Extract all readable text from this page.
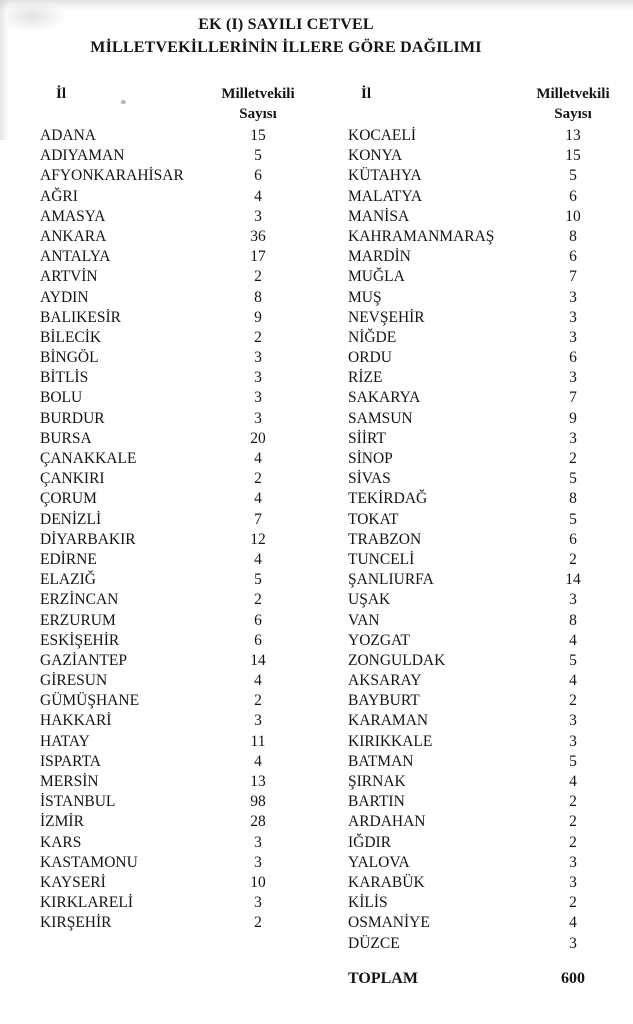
EK (I) SAYILI CETVEL
MİLLETVEKİLLERİNİN İLLERE GÖRE DAĞILIMI
İl	Milletvekili
Sayısı
ADANA	15
ADIYAMAN	5
AFYONKARAHİSAR	6
AĞRI	4
AMASYA	3
ANKARA	36
ANTALYA	17
ARTVİN	2
AYDIN	8
BALIKESİR	9
BİLECİK	2
BİNGÖL	3
BİTLİS	3
BOLU	3
BURDUR	3
BURSA	20
ÇANAKKALE	4
ÇANKIRI	2
ÇORUM	4
DENİZLİ	7
DİYARBAKIR	12
EDİRNE	4
ELAZIĞ	5
ERZİNCAN	2
ERZURUM	6
ESKİŞEHİR	6
GAZİANTEP	14
GİRESUN	4
GÜMÜŞHANE	2
HAKKARİ	3
HATAY	11
ISPARTA	4
MERSİN	13
İSTANBUL	98
İZMİR	28
KARS	3
KASTAMONU	3
KAYSERİ	10
KIRKLARELİ	3
KIRŞEHİR	2
İl	Milletvekili
Sayısı
KOCAELİ	13
KONYA	15
KÜTAHYA	5
MALATYA	6
MANİSA	10
KAHRAMANMARAŞ	8
MARDİN	6
MUĞLA	7
MUŞ	3
NEVŞEHİR	3
NİĞDE	3
ORDU	6
RİZE	3
SAKARYA	7
SAMSUN	9
SİİRT	3
SİNOP	2
SİVAS	5
TEKİRDAĞ	8
TOKAT	5
TRABZON	6
TUNCELİ	2
ŞANLIURFA	14
UŞAK	3
VAN	8
YOZGAT	4
ZONGULDAK	5
AKSARAY	4
BAYBURT	2
KARAMAN	3
KIRIKKALE	3
BATMAN	5
ŞIRNAK	4
BARTIN	2
ARDAHAN	2
IĞDIR	2
YALOVA	3
KARABÜK	3
KİLİS	2
OSMANİYE	4
DÜZCE	3
TOPLAM	600
